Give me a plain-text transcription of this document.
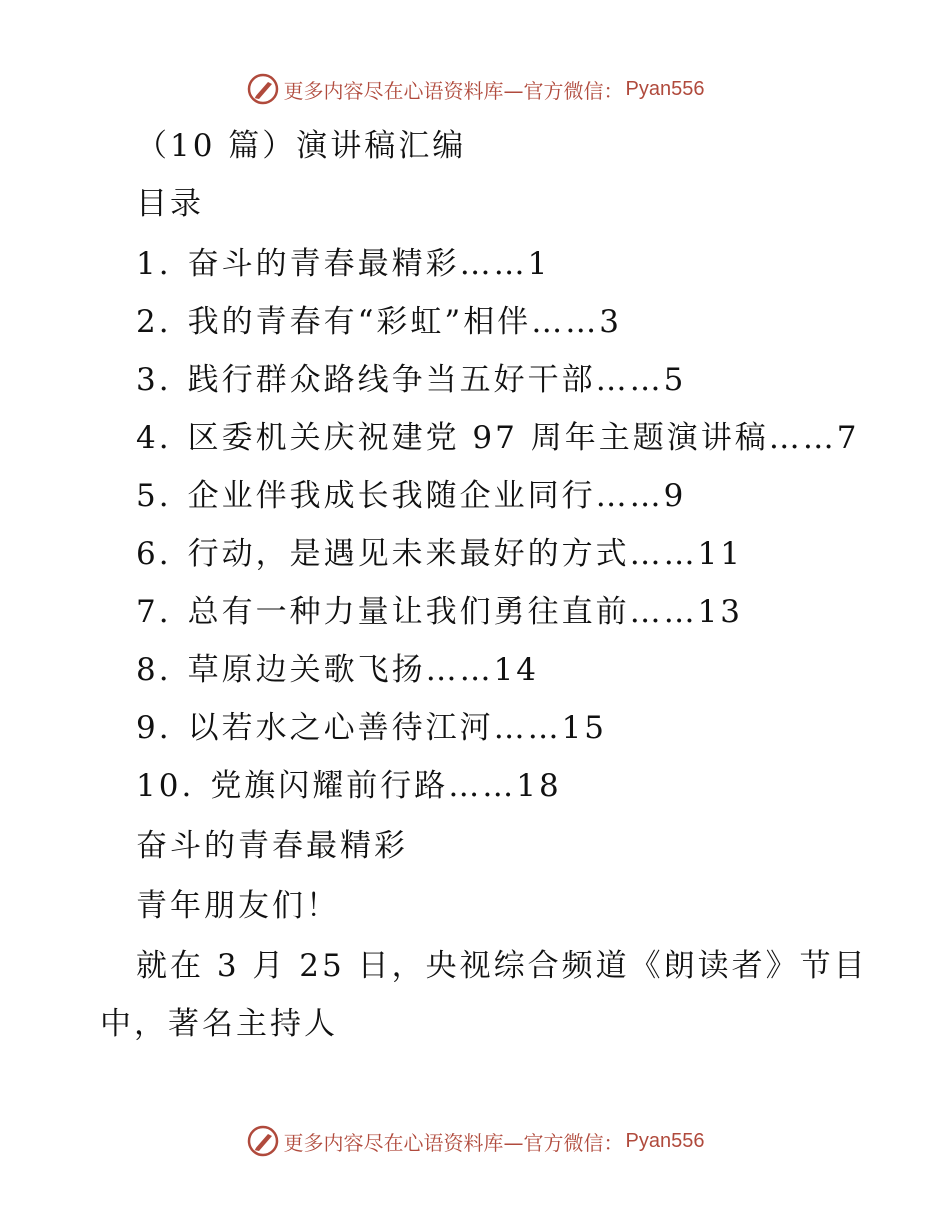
更多内容尽在心语资料库—官方微信： Pyan556
（10 篇）演讲稿汇编
目录
1. 奋斗的青春最精彩……1
2. 我的青春有“彩虹”相伴……3
3. 践行群众路线争当五好干部……5
4. 区委机关庆祝建党 97 周年主题演讲稿……7
5. 企业伴我成长我随企业同行……9
6. 行动，是遇见未来最好的方式……11
7. 总有一种力量让我们勇往直前……13
8. 草原边关歌飞扬……14
9. 以若水之心善待江河……15
10. 党旗闪耀前行路……18
奋斗的青春最精彩
青年朋友们！
就在 3 月 25 日，央视综合频道《朗读者》节目
中，著名主持人
更多内容尽在心语资料库—官方微信： Pyan556
